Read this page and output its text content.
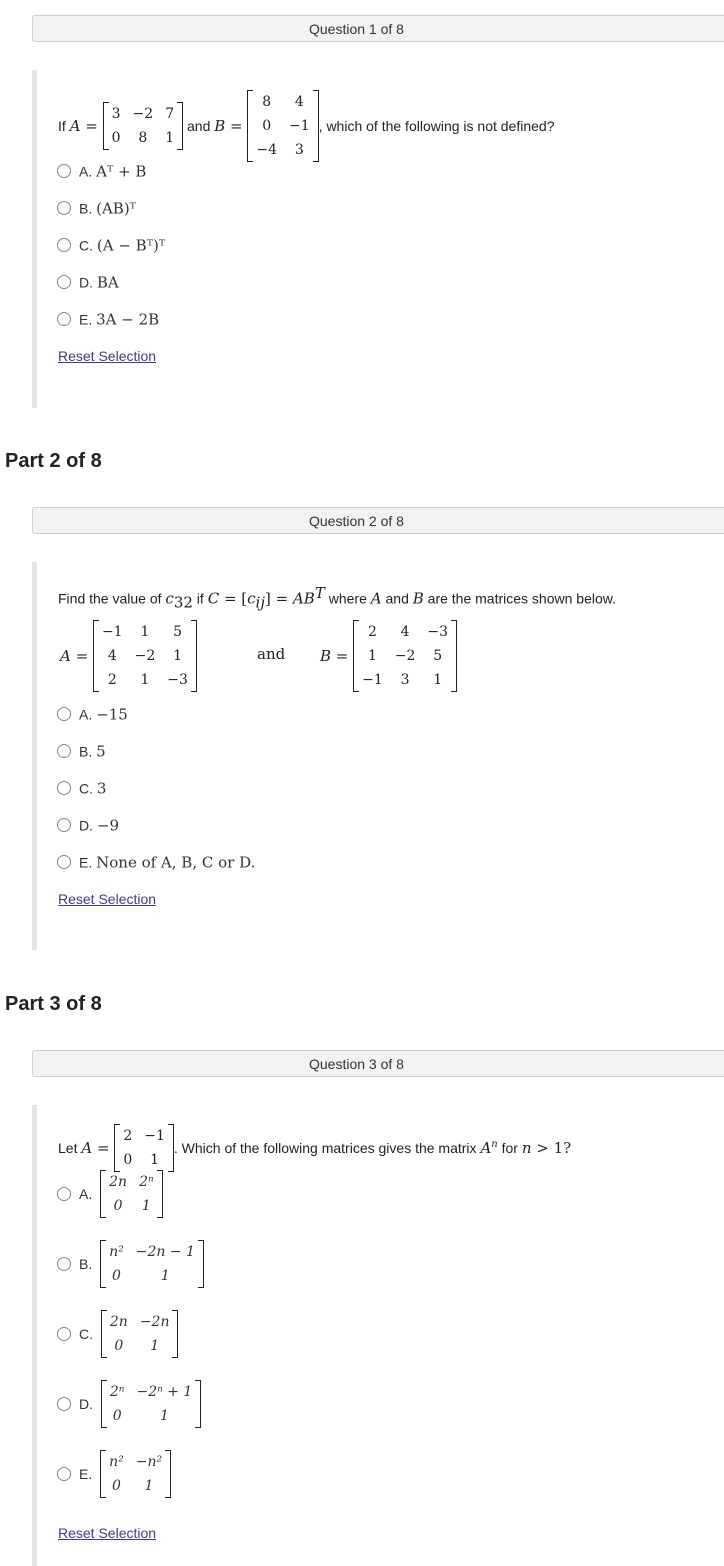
Question 1 of 8
If A =
3	−2	7
0	8	1
and B =
8	4
0	−1
−4	3
, which of the following is not defined?
A. Aᵀ + B
B. (AB)ᵀ
C. (A − Bᵀ)ᵀ
D. BA
E. 3A − 2B
Reset Selection
Part 2 of 8
Question 2 of 8
Find the value of $c_{32}$ if $C = [c_{ij}] = AB^T$ where A and B are the matrices shown below.
A =
−1	1	5
4	−2	1
2	1	−3
and B =
2	4	−3
1	−2	5
−1	3	1
A. −15
B. 5
C. 3
D. −9
E. None of A, B, C or D.
Reset Selection
Part 3 of 8
Question 3 of 8
Let A =
2	−1
0	1
. Which of the following matrices gives the matrix $A^n$ for n > 1?
A.
2n	2ⁿ
0	1
B.
n²	−2n − 1
0	1
C.
2n	−2n
0	1
D.
2ⁿ	−2ⁿ + 1
0	1
E.
n²	−n²
0	1
Reset Selection
